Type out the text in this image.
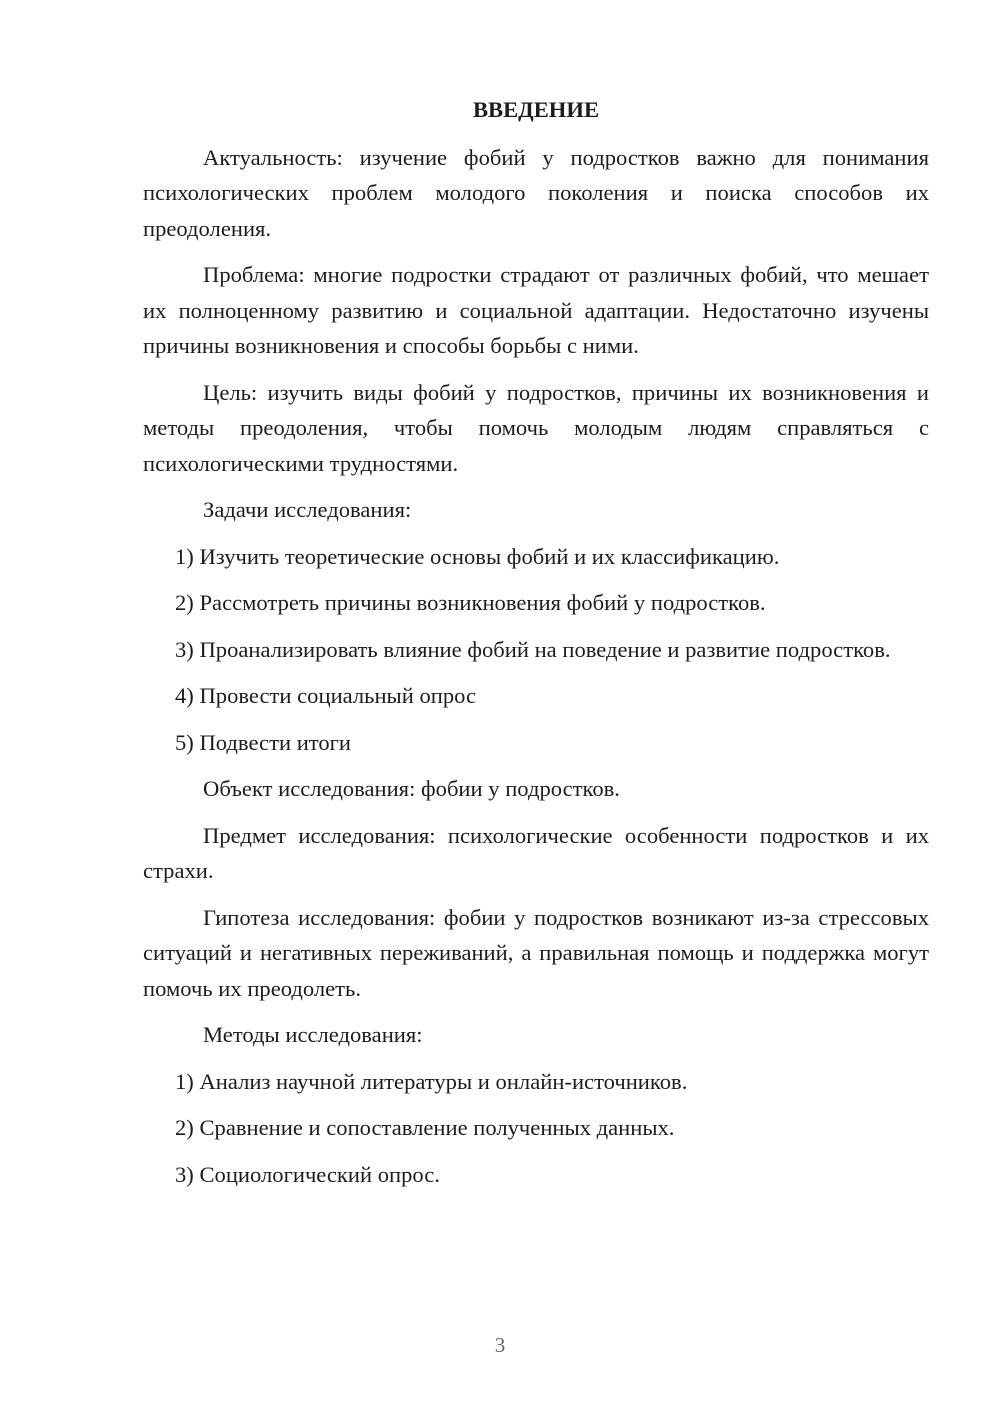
ВВЕДЕНИЕ

Актуальность: изучение фобий у подростков важно для понимания психологических проблем молодого поколения и поиска способов их преодоления.

Проблема: многие подростки страдают от различных фобий, что мешает их полноценному развитию и социальной адаптации. Недостаточно изучены причины возникновения и способы борьбы с ними.

Цель: изучить виды фобий у подростков, причины их возникновения и методы преодоления, чтобы помочь молодым людям справляться с психологическими трудностями.

Задачи исследования:

1) Изучить теоретические основы фобий и их классификацию.

2) Рассмотреть причины возникновения фобий у подростков.

3) Проанализировать влияние фобий на поведение и развитие подростков.

4) Провести социальный опрос

5) Подвести итоги

Объект исследования: фобии у подростков.

Предмет исследования: психологические особенности подростков и их страхи.

Гипотеза исследования: фобии у подростков возникают из-за стрессовых ситуаций и негативных переживаний, а правильная помощь и поддержка могут помочь их преодолеть.

Методы исследования:

1) Анализ научной литературы и онлайн-источников.

2) Сравнение и сопоставление полученных данных.

3) Социологический опрос.

3
